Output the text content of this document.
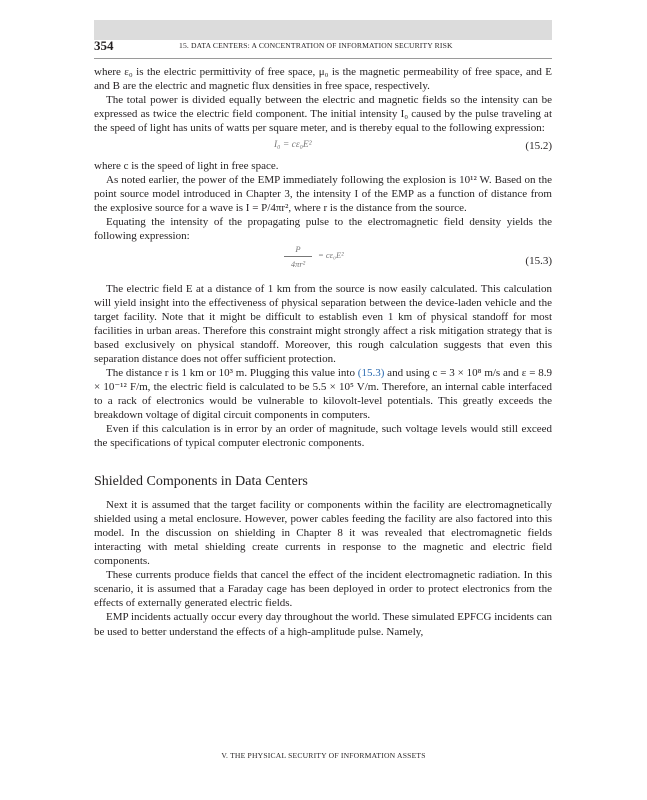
354	15. DATA CENTERS: A CONCENTRATION OF INFORMATION SECURITY RISK

where ε₀ is the electric permittivity of free space, μ₀ is the magnetic permeability of free space, and E and B are the electric and magnetic flux densities in free space, respectively.

The total power is divided equally between the electric and magnetic fields so the intensity can be expressed as twice the electric field component. The initial intensity I₀ caused by the pulse traveling at the speed of light has units of watts per square meter, and is thereby equal to the following expression:

I₀ = cε₀E²	(15.2)

where c is the speed of light in free space.

As noted earlier, the power of the EMP immediately following the explosion is 10¹² W. Based on the point source model introduced in Chapter 3, the intensity I of the EMP as a function of distance from the explosive source for a wave is I = P/4πr², where r is the distance from the source.

Equating the intensity of the propagating pulse to the electromagnetic field density yields the following expression:

P
4πr²
= cε₀E²	(15.3)

The electric field E at a distance of 1 km from the source is now easily calculated. This calculation will yield insight into the effectiveness of physical separation between the device-laden vehicle and the target facility. Note that it might be difficult to establish even 1 km of physical standoff for most facilities in urban areas. Therefore this constraint might strongly affect a risk mitigation strategy that is based exclusively on physical standoff. Moreover, this rough calculation suggests that even this separation distance does not offer sufficient protection.

The distance r is 1 km or 10³ m. Plugging this value into (15.3) and using c = 3 × 10⁸ m/s and ε = 8.9 × 10⁻¹² F/m, the electric field is calculated to be 5.5 × 10⁵ V/m. Therefore, an internal cable interfaced to a rack of electronics would be vulnerable to kilovolt-level potentials. This greatly exceeds the breakdown voltage of digital circuit components in computers.

Even if this calculation is in error by an order of magnitude, such voltage levels would still exceed the specifications of typical computer electronic components.

Shielded Components in Data Centers

Next it is assumed that the target facility or components within the facility are electromagnetically shielded using a metal enclosure. However, power cables feeding the facility are also factored into this model. In the discussion on shielding in Chapter 8 it was revealed that electromagnetic fields interacting with metal shielding create currents in response to the magnetic and electric field components.

These currents produce fields that cancel the effect of the incident electromagnetic radiation. In this scenario, it is assumed that a Faraday cage has been deployed in order to protect electronics from the effects of externally generated electric fields.

EMP incidents actually occur every day throughout the world. These simulated EPFCG incidents can be used to better understand the effects of a high-amplitude pulse. Namely,

V. THE PHYSICAL SECURITY OF INFORMATION ASSETS
